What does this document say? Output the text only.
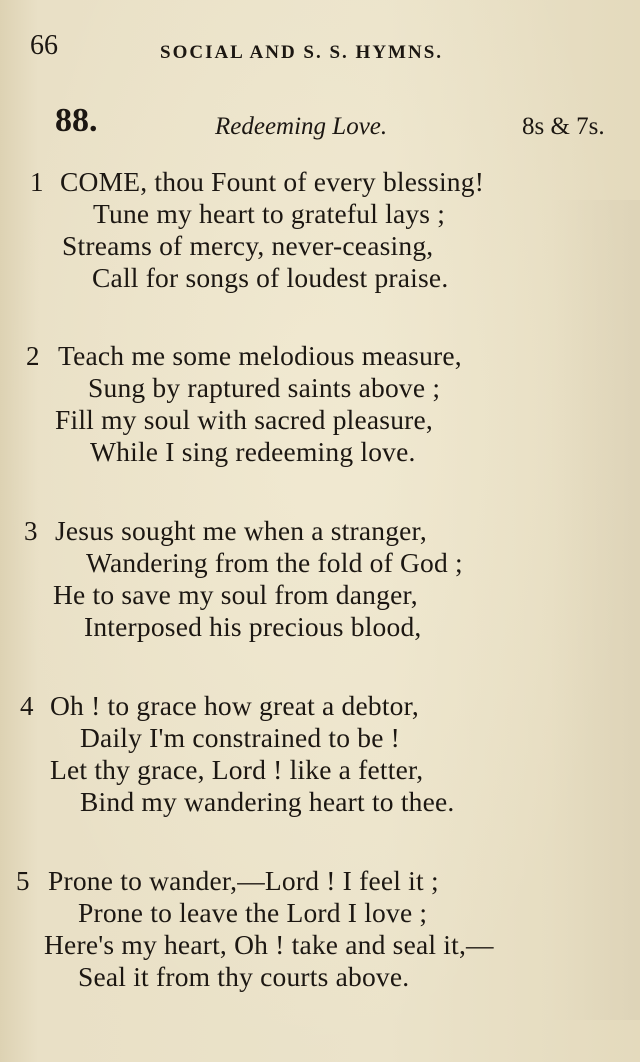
66	SOCIAL AND S. S. HYMNS.
88.	Redeeming Love.	8s & 7s.
1 COME, thou Fount of every blessing!
Tune my heart to grateful lays ;
Streams of mercy, never-ceasing,
Call for songs of loudest praise.
2 Teach me some melodious measure,
Sung by raptured saints above ;
Fill my soul with sacred pleasure,
While I sing redeeming love.
3 Jesus sought me when a stranger,
Wandering from the fold of God ;
He to save my soul from danger,
Interposed his precious blood,
4 Oh ! to grace how great a debtor,
Daily I'm constrained to be !
Let thy grace, Lord ! like a fetter,
Bind my wandering heart to thee.
5 Prone to wander,—Lord ! I feel it ;
Prone to leave the Lord I love ;
Here's my heart, Oh ! take and seal it,—
Seal it from thy courts above.
